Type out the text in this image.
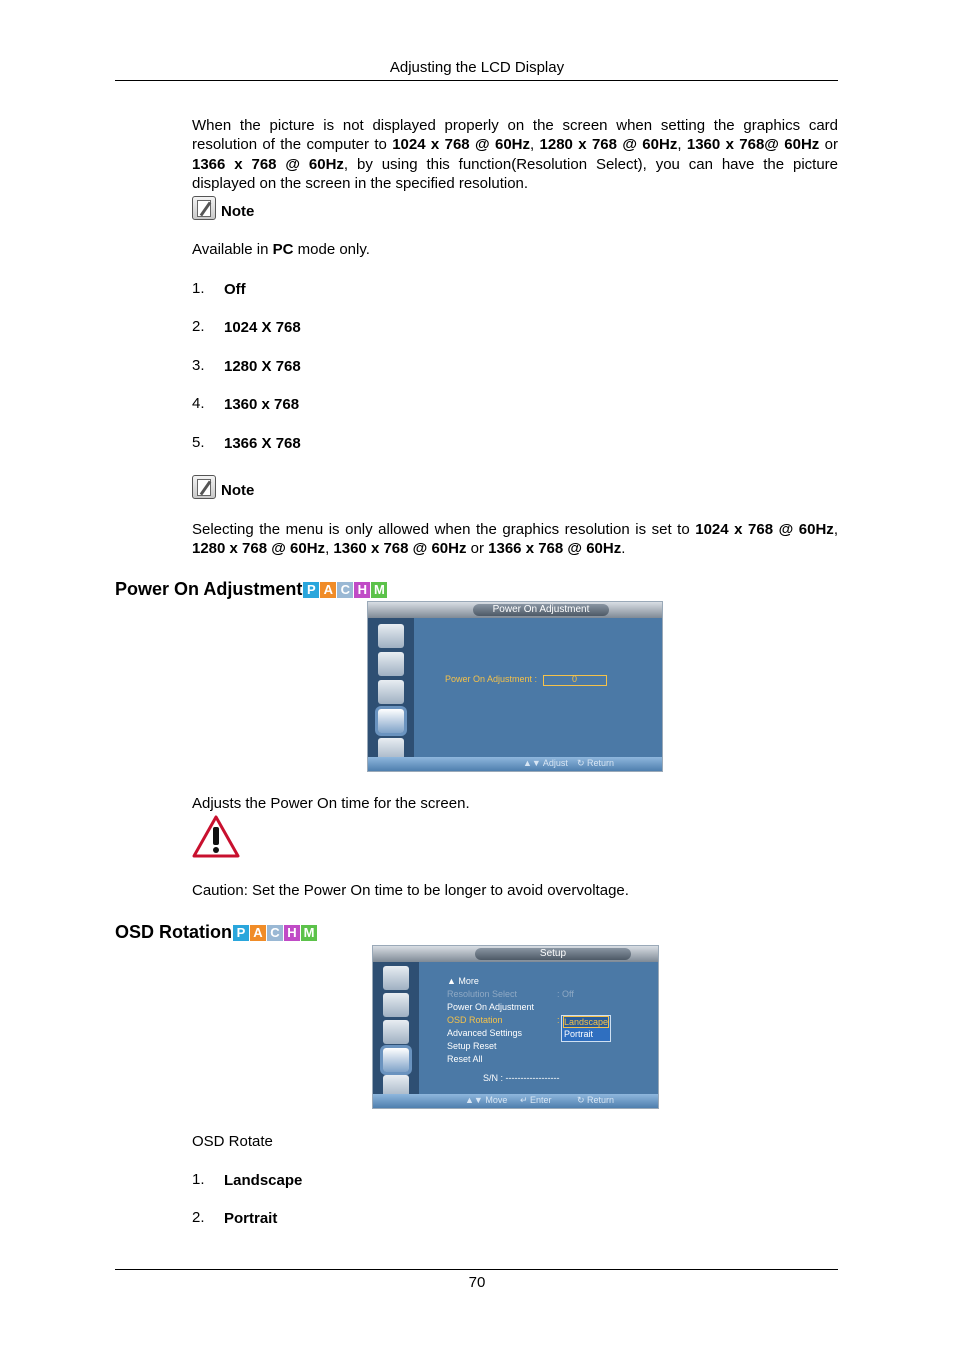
Adjusting the LCD Display
When the picture is not displayed properly on the screen when setting the graphics card resolution of the computer to 1024 x 768 @ 60Hz, 1280 x 768 @ 60Hz, 1360 x 768@ 60Hz or 1366 x 768 @ 60Hz, by using this function(Resolution Select), you can have the picture displayed on the screen in the specified resolution.
Note
Available in PC mode only.
1. Off
2. 1024 X 768
3. 1280 X 768
4. 1360 x 768
5. 1366 X 768
Note
Selecting the menu is only allowed when the graphics resolution is set to 1024 x 768 @ 60Hz, 1280 x 768 @ 60Hz, 1360 x 768 @ 60Hz or 1366 x 768 @ 60Hz.
Power On Adjustment P A C H M
Power On Adjustment
Power On Adjustment :	0
▲▼ Adjust ↻ Return
Adjusts the Power On time for the screen.
Caution: Set the Power On time to be longer to avoid overvoltage.
OSD Rotation P A C H M
Setup
▲ More
Resolution Select	: Off
Power On Adjustment
OSD Rotation	:
Advanced Settings
Setup Reset
Reset All
Landscape
Portrait
S/N : ------------------
▲▼ Move ↵ Enter	↻ Return
OSD Rotate
1. Landscape
2. Portrait
70
